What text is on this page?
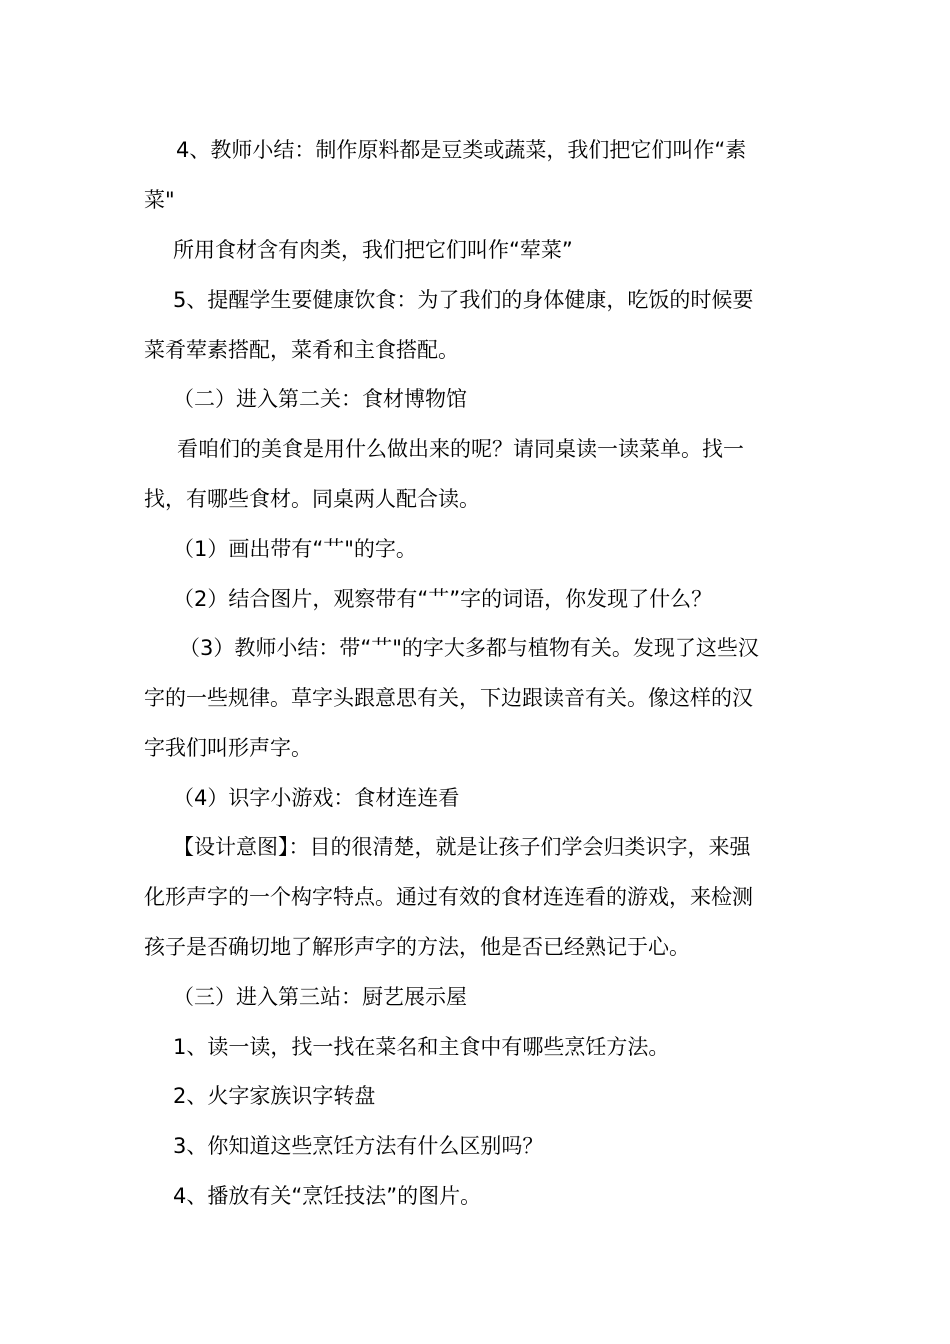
4、教师小结：制作原料都是豆类或蔬菜，我们把它们叫作“素
菜"
所用食材含有肉类，我们把它们叫作“荤菜”
5、提醒学生要健康饮食：为了我们的身体健康，吃饭的时候要
菜肴荤素搭配，菜肴和主食搭配。
（二）进入第二关：食材博物馆
看咱们的美食是用什么做出来的呢？请同桌读一读菜单。找一
找，有哪些食材。同桌两人配合读。
（1）画出带有“艹"的字。
（2）结合图片，观察带有“艹”字的词语，你发现了什么？
（3）教师小结：带“艹"的字大多都与植物有关。发现了这些汉
字的一些规律。草字头跟意思有关，下边跟读音有关。像这样的汉
字我们叫形声字。
（4）识字小游戏：食材连连看
【设计意图】：目的很清楚，就是让孩子们学会归类识字，来强
化形声字的一个构字特点。通过有效的食材连连看的游戏，来检测
孩子是否确切地了解形声字的方法，他是否已经熟记于心。
（三）进入第三站：厨艺展示屋
1、读一读，找一找在菜名和主食中有哪些烹饪方法。
2、火字家族识字转盘
3、你知道这些烹饪方法有什么区别吗？
4、播放有关“烹饪技法”的图片。
